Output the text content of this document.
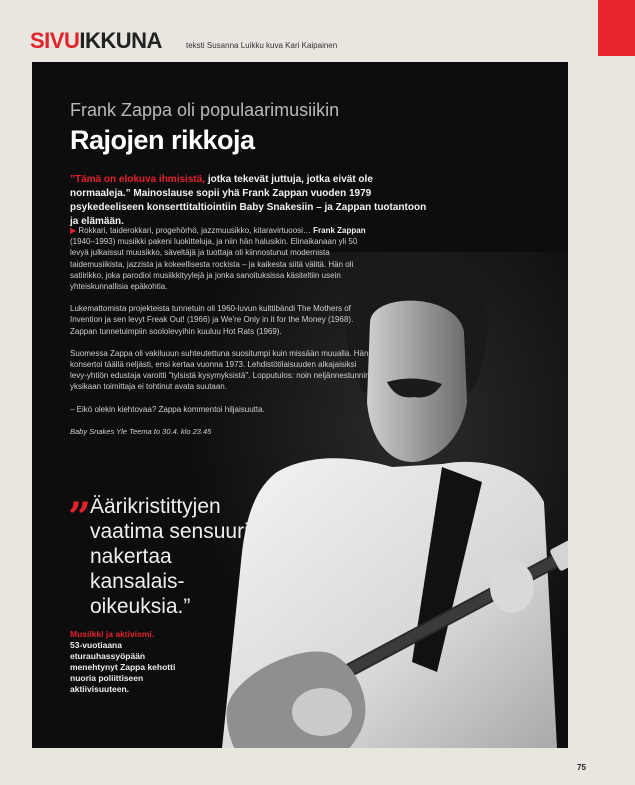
SIVUIKKUNA	teksti Susanna Luikku kuva Kari Kaipainen
Frank Zappa oli populaarimusiikin
Rajojen rikkoja
”Tämä on elokuva ihmisistä, jotka tekevät juttuja, jotka eivät ole normaaleja.” Mainoslause sopii yhä Frank Zappan vuoden 1979 psykedeeliseen konserttitaltiointiin Baby Snakesiin – ja Zappan tuotantoon ja elämään.

▶ Rokkari, taiderokkari, progehörhö, jazzmuusikko, kitaravirtuoosi… Frank Zappan (1940–1993) musiikki pakeni luokitteluja, ja niin hän halusikin. Elinaikanaan yli 50 levyä julkaissut muusikko, säveltäjä ja tuottaja oli kiinnostunut modernista taidemusiikista, jazzista ja kokeellisesta rockista – ja kaikesta siitä välitä. Hän oli satiirikko, joka parodioi musiikkityylejä ja jonka sanoituksissa käsiteltiin usein yhteiskunnallisia epäkohtia.

Lukemattomista projekteista tunnetuin oli 1960-luvun kulttibändi The Mothers of Invention ja sen levyt Freak Out! (1966) ja We're Only in it for the Money (1968). Zappan tunnetuimpiin soololevyihin kuuluu Hot Rats (1969).

Suomessa Zappa oli vakiluuun suhteutettuna suositumpi kuin missään muualla. Hän konsertoi täällä neljästi, ensi kertaa vuonna 1973. Lehdistötilaisuuden alkajaisiksi levy-yhtiön edustaja varoitti "tylsistä kysymyksistä". Lopputulos: noin neljännestunnin yksikaan toimittaja ei tohtinut avata suutaan.

– Eikö olekin kiehtovaa? Zappa kommentoi hiljaisuutta.

Baby Snakes Yle Teema to 30.4. klo 23.45

”
Äärikristittyjen vaatima sensuuri nakertaa kansalais-oikeuksia.”
Musiikki ja aktivismi.
53-vuotiaana eturauhassyöpään menehtynyt Zappa kehotti nuoria poliittiseen aktiivisuuteen.
75
